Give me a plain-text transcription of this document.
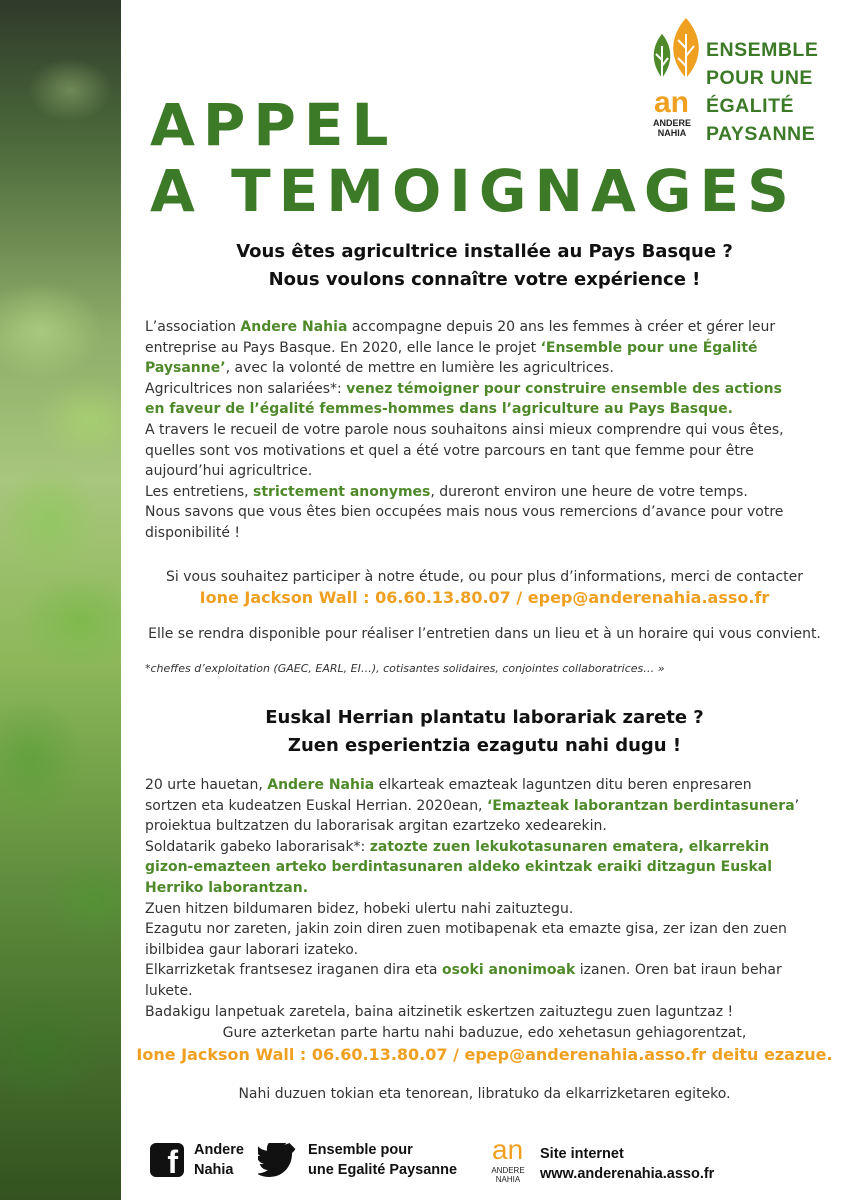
an
ANDERE
NAHIA
ENSEMBLE
POUR UNE
ÉGALITÉ
PAYSANNE
APPEL
A TEMOIGNAGES

Vous êtes agricultrice installée au Pays Basque ?

Nous voulons connaître votre expérience !

L’association Andere Nahia accompagne depuis 20 ans les femmes à créer et gérer leur entreprise au Pays Basque. En 2020, elle lance le projet ‘Ensemble pour une Égalité Paysanne’, avec la volonté de mettre en lumière les agricultrices.

Agricultrices non salariées*: venez témoigner pour construire ensemble des actions en faveur de l’égalité femmes-hommes dans l’agriculture au Pays Basque.

A travers le recueil de votre parole nous souhaitons ainsi mieux comprendre qui vous êtes, quelles sont vos motivations et quel a été votre parcours en tant que femme pour être aujourd’hui agricultrice.

Les entretiens, strictement anonymes, dureront environ une heure de votre temps.

Nous savons que vous êtes bien occupées mais nous vous remercions d’avance pour votre disponibilité !

Si vous souhaitez participer à notre étude, ou pour plus d’informations, merci de contacter

Ione Jackson Wall : 06.60.13.80.07 / epep@anderenahia.asso.fr

Elle se rendra disponible pour réaliser l’entretien dans un lieu et à un horaire qui vous convient.

*cheffes d’exploitation (GAEC, EARL, EI…), cotisantes solidaires, conjointes collaboratrices… »

Euskal Herrian plantatu laborariak zarete ?

Zuen esperientzia ezagutu nahi dugu !

20 urte hauetan, Andere Nahia elkarteak emazteak laguntzen ditu beren enpresaren sortzen eta kudeatzen Euskal Herrian. 2020ean, ‘Emazteak laborantzan berdintasunera’ proiektua bultzatzen du laborarisak argitan ezartzeko xedearekin.

Soldatarik gabeko laborarisak*: zatozte zuen lekukotasunaren ematera, elkarrekin gizon-emazteen arteko berdintasunaren aldeko ekintzak eraiki ditzagun Euskal Herriko laborantzan.

Zuen hitzen bildumaren bidez, hobeki ulertu nahi zaituztegu.

Ezagutu nor zareten, jakin zoin diren zuen motibapenak eta emazte gisa, zer izan den zuen ibilbidea gaur laborari izateko.

Elkarrizketak frantsesez iraganen dira eta osoki anonimoak izanen. Oren bat iraun behar lukete.

Badakigu lanpetuak zaretela, baina aitzinetik eskertzen zaituztegu zuen laguntzaz !

Gure azterketan parte hartu nahi baduzue, edo xehetasun gehiagorentzat,

Ione Jackson Wall : 06.60.13.80.07 / epep@anderenahia.asso.fr deitu ezazue.

Nahi duzuen tokian eta tenorean, libratuko da elkarrizketaren egiteko.

f Andere
Nahia
Ensemble pour
une Egalité Paysanne
an
ANDERE
NAHIA
Site internet
www.anderenahia.asso.fr
